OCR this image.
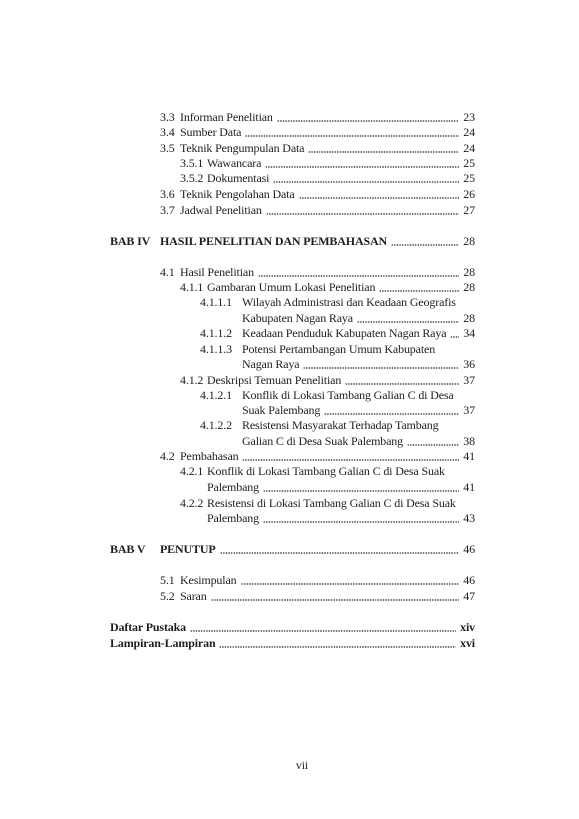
3.3 Informan Penelitian	23
3.4 Sumber Data	24
3.5 Teknik Pengumpulan Data	24
3.5.1 Wawancara	25
3.5.2 Dokumentasi	25
3.6 Teknik Pengolahan Data	26
3.7 Jadwal Penelitian	27
BAB IV HASIL PENELITIAN DAN PEMBAHASAN	28
4.1 Hasil Penelitian	28
4.1.1 Gambaran Umum Lokasi Penelitian	28
4.1.1.1 Wilayah Administrasi dan Keadaan Geografis
Kabupaten Nagan Raya	28
4.1.1.2 Keadaan Penduduk Kabupaten Nagan Raya 34
4.1.1.3 Potensi Pertambangan Umum Kabupaten
Nagan Raya	36
4.1.2 Deskripsi Temuan Penelitian	37
4.1.2.1 Konflik di Lokasi Tambang Galian C di Desa
Suak Palembang	37
4.1.2.2 Resistensi Masyarakat Terhadap Tambang
Galian C di Desa Suak Palembang	38
4.2 Pembahasan	41
4.2.1 Konflik di Lokasi Tambang Galian C di Desa Suak
Palembang	41
4.2.2 Resistensi di Lokasi Tambang Galian C di Desa Suak
Palembang	43
BAB V	PENUTUP	46
5.1 Kesimpulan	46
5.2 Saran	47
Daftar Pustaka	xiv
Lampiran-Lampiran	xvi
vii
